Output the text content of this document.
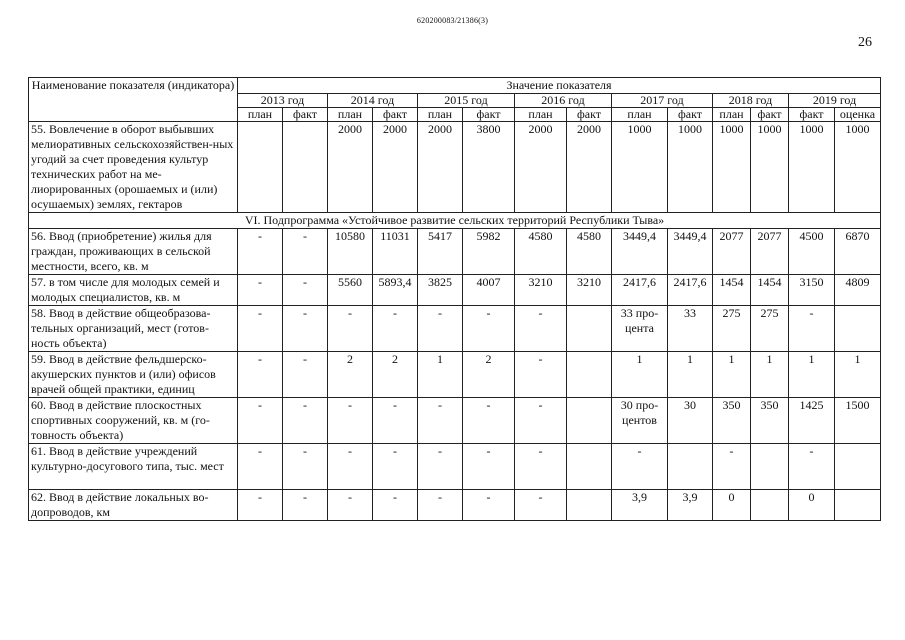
620200083/21386(3)
26
Наименование показателя (индикатора)	Значение показателя													
	2013 год		2014 год		2015 год		2016 год		2017 год		2018 год		2019 год	
	план	факт	план	факт	план	факт	план	факт	план	факт	план	факт	факт	оценка
55. Вовлечение в оборот выбывших мелиоративных сельскохозяйствен-ных угодий за счет проведения культур технических работ на ме-лиорированных (орошаемых и (или) осушаемых) землях, гектаров			2000	2000	2000	3800	2000	2000	1000	1000	1000	1000	1000	1000
VI. Подпрограмма «Устойчивое развитие сельских территорий Республики Тыва»														
56. Ввод (приобретение) жилья для граждан, проживающих в сельской местности, всего, кв. м	-	-	10580	11031	5417	5982	4580	4580	3449,4	3449,4	2077	2077	4500	6870
57. в том числе для молодых семей и молодых специалистов, кв. м	-	-	5560	5893,4	3825	4007	3210	3210	2417,6	2417,6	1454	1454	3150	4809
58. Ввод в действие общеобразова-тельных организаций, мест (готов-ность объекта)	-	-	-	-	-	-	-		33 про-цента	33	275	275	-	
59. Ввод в действие фельдшерско-акушерских пунктов и (или) офисов врачей общей практики, единиц	-	-	2	2	1	2	-		1	1	1	1	1	1
60. Ввод в действие плоскостных спортивных сооружений, кв. м (го-товность объекта)	-	-	-	-	-	-	-		30 про-центов	30	350	350	1425	1500
61. Ввод в действие учреждений культурно-досугового типа, тыс. мест	-	-	-	-	-	-	-		-		-		-	
62. Ввод в действие локальных во-допроводов, км	-	-	-	-	-	-	-		3,9	3,9	0		0	
